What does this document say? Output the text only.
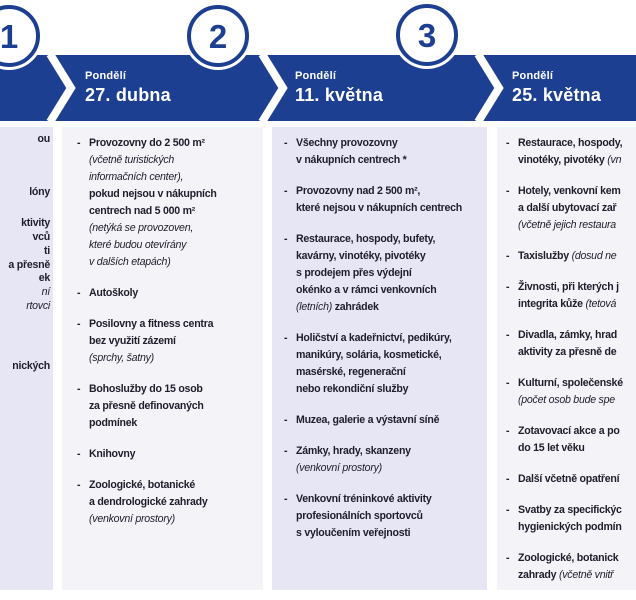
1	2	3
Pondělí
27. dubna
Pondělí
11. května
Pondělí
25. května
ou
lóny
ktivity
vců
ti
a přesně
ek
ní
rtovci
nických
- Provozovny do 2 500 m²
(včetně turistických
informačních center),
pokud nejsou v nákupních
centrech nad 5 000 m²
(netýká se provozoven,
které budou otevírány
v dalších etapách)
- Autoškoly
- Posilovny a fitness centra
bez využití zázemí
(sprchy, šatny)
- Bohoslužby do 15 osob
za přesně definovaných
podmínek
- Knihovny
- Zoologické, botanické
a dendrologické zahrady
(venkovní prostory)
- Všechny provozovny
v nákupních centrech *
- Provozovny nad 2 500 m²,
které nejsou v nákupních centrech
- Restaurace, hospody, bufety,
kavárny, vinotéky, pivotéky
s prodejem přes výdejní
okénko a v rámci venkovních
(letních) zahrádek
- Holičství a kadeřnictví, pedikúry,
manikúry, solária, kosmetické,
masérské, regenerační
nebo rekondiční služby
- Muzea, galerie a výstavní síně
- Zámky, hrady, skanzeny
(venkovní prostory)
- Venkovní tréninkové aktivity
profesionálních sportovců
s vyloučením veřejnosti
- Restaurace, hospody,
vinotéky, pivotéky (vn
- Hotely, venkovní kem
a další ubytovací zař
(včetně jejich restaura
- Taxislužby (dosud ne
- Živnosti, při kterých j
integrita kůže (tetová
- Divadla, zámky, hrad
aktivity za přesně de
- Kulturní, společenské
(počet osob bude spe
- Zotavovací akce a po
do 15 let věku
- Další včetně opatření
- Svatby za specifickýc
hygienických podmín
- Zoologické, botanick
zahrady (včetně vnitř
